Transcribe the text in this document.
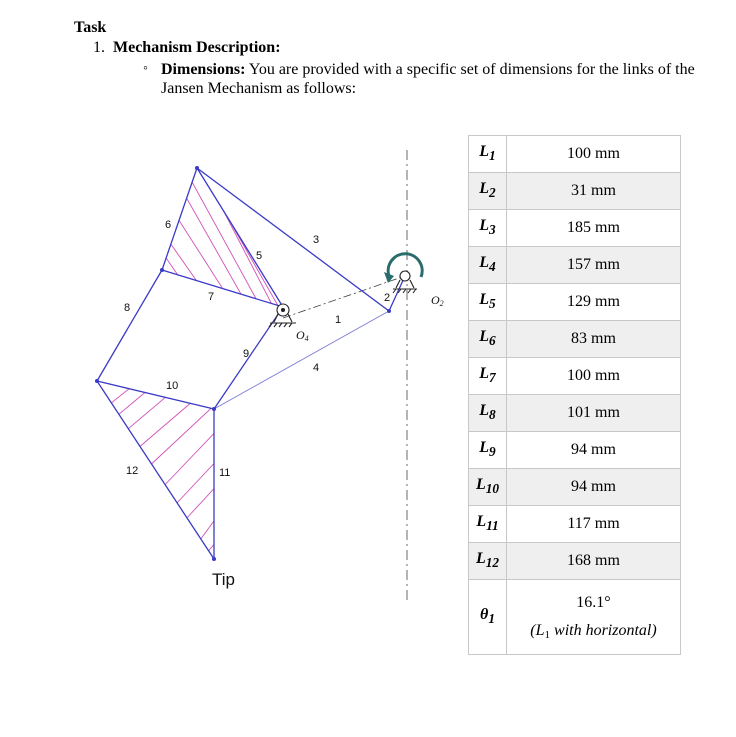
Task
1. Mechanism Description:
◦ Dimensions: You are provided with a specific set of dimensions for the links of the Jansen Mechanism as follows:
1
2
3
4
5
6
7
8
9
10
11
12
O4
O2
Tip
$L_1$	100 mm
$L_2$	31 mm
$L_3$	185 mm
$L_4$	157 mm
$L_5$	129 mm
$L_6$	83 mm
$L_7$	100 mm
$L_8$	101 mm
$L_9$	94 mm
$L_{10}$	94 mm
$L_{11}$	117 mm
$L_{12}$	168 mm
$\theta_1$	16.1°
($L_1$ with horizontal)
